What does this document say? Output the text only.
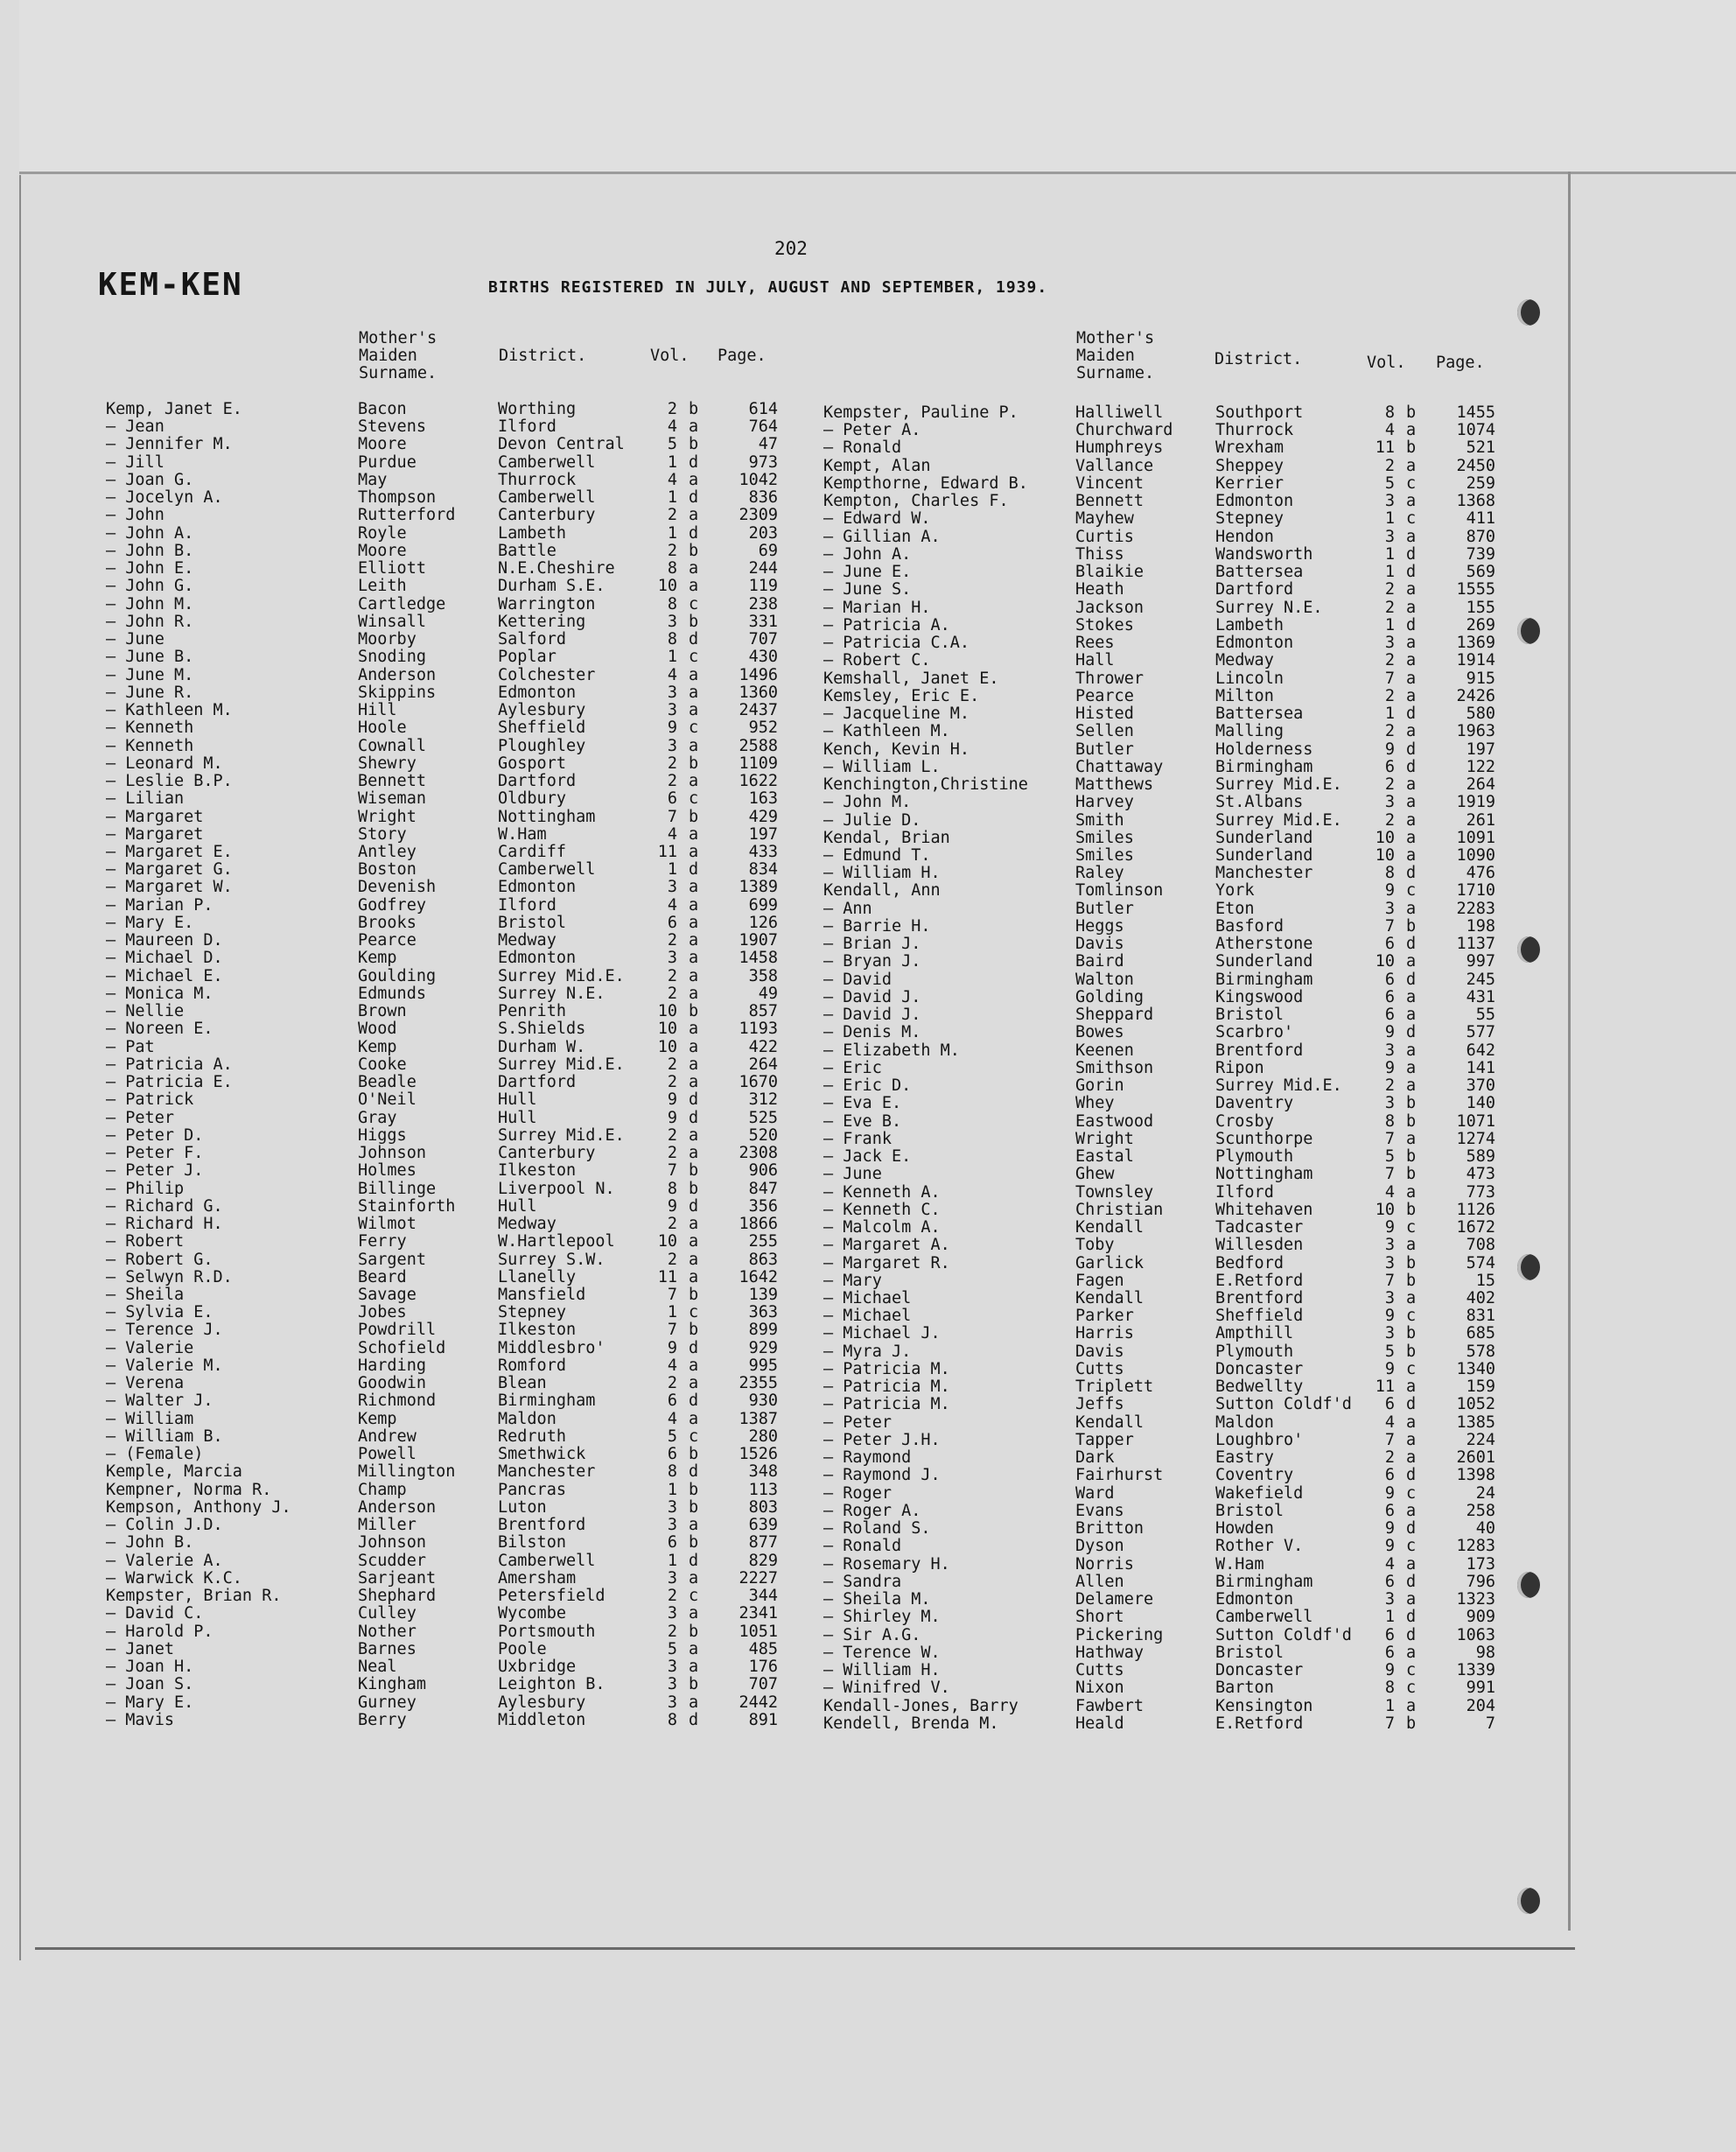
KEM-KEN
202
BIRTHS REGISTERED IN JULY, AUGUST AND SEPTEMBER, 1939.
Mother's
Maiden
Surname.
District.	Vol. Page.
Mother's
Maiden
Surname.
District.	Vol. Page.
Kemp, Janet E.	Bacon	Worthing	2 b	614
— Jean	Stevens	Ilford	4 a	764
— Jennifer M.	Moore	Devon Central	5 b	47
— Jill	Purdue	Camberwell	1 d	973
— Joan G.	May	Thurrock	4 a	1042
— Jocelyn A.	Thompson	Camberwell	1 d	836
— John	Rutterford	Canterbury	2 a	2309
— John A.	Royle	Lambeth	1 d	203
— John B.	Moore	Battle	2 b	69
— John E.	Elliott	N.E.Cheshire	8 a	244
— John G.	Leith	Durham S.E.	10 a	119
— John M.	Cartledge	Warrington	8 c	238
— John R.	Winsall	Kettering	3 b	331
— June	Moorby	Salford	8 d	707
— June B.	Snoding	Poplar	1 c	430
— June M.	Anderson	Colchester	4 a	1496
— June R.	Skippins	Edmonton	3 a	1360
— Kathleen M.	Hill	Aylesbury	3 a	2437
— Kenneth	Hoole	Sheffield	9 c	952
— Kenneth	Cownall	Ploughley	3 a	2588
— Leonard M.	Shewry	Gosport	2 b	1109
— Leslie B.P.	Bennett	Dartford	2 a	1622
— Lilian	Wiseman	Oldbury	6 c	163
— Margaret	Wright	Nottingham	7 b	429
— Margaret	Story	W.Ham	4 a	197
— Margaret E.	Antley	Cardiff	11 a	433
— Margaret G.	Boston	Camberwell	1 d	834
— Margaret W.	Devenish	Edmonton	3 a	1389
— Marian P.	Godfrey	Ilford	4 a	699
— Mary E.	Brooks	Bristol	6 a	126
— Maureen D.	Pearce	Medway	2 a	1907
— Michael D.	Kemp	Edmonton	3 a	1458
— Michael E.	Goulding	Surrey Mid.E.	2 a	358
— Monica M.	Edmunds	Surrey N.E.	2 a	49
— Nellie	Brown	Penrith	10 b	857
— Noreen E.	Wood	S.Shields	10 a	1193
— Pat	Kemp	Durham W.	10 a	422
— Patricia A.	Cooke	Surrey Mid.E.	2 a	264
— Patricia E.	Beadle	Dartford	2 a	1670
— Patrick	O'Neil	Hull	9 d	312
— Peter	Gray	Hull	9 d	525
— Peter D.	Higgs	Surrey Mid.E.	2 a	520
— Peter F.	Johnson	Canterbury	2 a	2308
— Peter J.	Holmes	Ilkeston	7 b	906
— Philip	Billinge	Liverpool N.	8 b	847
— Richard G.	Stainforth	Hull	9 d	356
— Richard H.	Wilmot	Medway	2 a	1866
— Robert	Ferry	W.Hartlepool	10 a	255
— Robert G.	Sargent	Surrey S.W.	2 a	863
— Selwyn R.D.	Beard	Llanelly	11 a	1642
— Sheila	Savage	Mansfield	7 b	139
— Sylvia E.	Jobes	Stepney	1 c	363
— Terence J.	Powdrill	Ilkeston	7 b	899
— Valerie	Schofield	Middlesbro'	9 d	929
— Valerie M.	Harding	Romford	4 a	995
— Verena	Goodwin	Blean	2 a	2355
— Walter J.	Richmond	Birmingham	6 d	930
— William	Kemp	Maldon	4 a	1387
— William B.	Andrew	Redruth	5 c	280
— (Female)	Powell	Smethwick	6 b	1526
Kemple, Marcia	Millington	Manchester	8 d	348
Kempner, Norma R.	Champ	Pancras	1 b	113
Kempson, Anthony J.	Anderson	Luton	3 b	803
— Colin J.D.	Miller	Brentford	3 a	639
— John B.	Johnson	Bilston	6 b	877
— Valerie A.	Scudder	Camberwell	1 d	829
— Warwick K.C.	Sarjeant	Amersham	3 a	2227
Kempster, Brian R.	Shephard	Petersfield	2 c	344
— David C.	Culley	Wycombe	3 a	2341
— Harold P.	Nother	Portsmouth	2 b	1051
— Janet	Barnes	Poole	5 a	485
— Joan H.	Neal	Uxbridge	3 a	176
— Joan S.	Kingham	Leighton B.	3 b	707
— Mary E.	Gurney	Aylesbury	3 a	2442
— Mavis	Berry	Middleton	8 d	891
Kempster, Pauline P.	Halliwell	Southport	8 b	1455
— Peter A.	Churchward	Thurrock	4 a	1074
— Ronald	Humphreys	Wrexham	11 b	521
Kempt, Alan	Vallance	Sheppey	2 a	2450
Kempthorne, Edward B.	Vincent	Kerrier	5 c	259
Kempton, Charles F.	Bennett	Edmonton	3 a	1368
— Edward W.	Mayhew	Stepney	1 c	411
— Gillian A.	Curtis	Hendon	3 a	870
— John A.	Thiss	Wandsworth	1 d	739
— June E.	Blaikie	Battersea	1 d	569
— June S.	Heath	Dartford	2 a	1555
— Marian H.	Jackson	Surrey N.E.	2 a	155
— Patricia A.	Stokes	Lambeth	1 d	269
— Patricia C.A.	Rees	Edmonton	3 a	1369
— Robert C.	Hall	Medway	2 a	1914
Kemshall, Janet E.	Thrower	Lincoln	7 a	915
Kemsley, Eric E.	Pearce	Milton	2 a	2426
— Jacqueline M.	Histed	Battersea	1 d	580
— Kathleen M.	Sellen	Malling	2 a	1963
Kench, Kevin H.	Butler	Holderness	9 d	197
— William L.	Chattaway	Birmingham	6 d	122
Kenchington,Christine	Matthews	Surrey Mid.E.	2 a	264
— John M.	Harvey	St.Albans	3 a	1919
— Julie D.	Smith	Surrey Mid.E.	2 a	261
Kendal, Brian	Smiles	Sunderland	10 a	1091
— Edmund T.	Smiles	Sunderland	10 a	1090
— William H.	Raley	Manchester	8 d	476
Kendall, Ann	Tomlinson	York	9 c	1710
— Ann	Butler	Eton	3 a	2283
— Barrie H.	Heggs	Basford	7 b	198
— Brian J.	Davis	Atherstone	6 d	1137
— Bryan J.	Baird	Sunderland	10 a	997
— David	Walton	Birmingham	6 d	245
— David J.	Golding	Kingswood	6 a	431
— David J.	Sheppard	Bristol	6 a	55
— Denis M.	Bowes	Scarbro'	9 d	577
— Elizabeth M.	Keenen	Brentford	3 a	642
— Eric	Smithson	Ripon	9 a	141
— Eric D.	Gorin	Surrey Mid.E.	2 a	370
— Eva E.	Whey	Daventry	3 b	140
— Eve B.	Eastwood	Crosby	8 b	1071
— Frank	Wright	Scunthorpe	7 a	1274
— Jack E.	Eastal	Plymouth	5 b	589
— June	Ghew	Nottingham	7 b	473
— Kenneth A.	Townsley	Ilford	4 a	773
— Kenneth C.	Christian	Whitehaven	10 b	1126
— Malcolm A.	Kendall	Tadcaster	9 c	1672
— Margaret A.	Toby	Willesden	3 a	708
— Margaret R.	Garlick	Bedford	3 b	574
— Mary	Fagen	E.Retford	7 b	15
— Michael	Kendall	Brentford	3 a	402
— Michael	Parker	Sheffield	9 c	831
— Michael J.	Harris	Ampthill	3 b	685
— Myra J.	Davis	Plymouth	5 b	578
— Patricia M.	Cutts	Doncaster	9 c	1340
— Patricia M.	Triplett	Bedwellty	11 a	159
— Patricia M.	Jeffs	Sutton Coldf'd	6 d	1052
— Peter	Kendall	Maldon	4 a	1385
— Peter J.H.	Tapper	Loughbro'	7 a	224
— Raymond	Dark	Eastry	2 a	2601
— Raymond J.	Fairhurst	Coventry	6 d	1398
— Roger	Ward	Wakefield	9 c	24
— Roger A.	Evans	Bristol	6 a	258
— Roland S.	Britton	Howden	9 d	40
— Ronald	Dyson	Rother V.	9 c	1283
— Rosemary H.	Norris	W.Ham	4 a	173
— Sandra	Allen	Birmingham	6 d	796
— Sheila M.	Delamere	Edmonton	3 a	1323
— Shirley M.	Short	Camberwell	1 d	909
— Sir A.G.	Pickering	Sutton Coldf'd	6 d	1063
— Terence W.	Hathway	Bristol	6 a	98
— William H.	Cutts	Doncaster	9 c	1339
— Winifred V.	Nixon	Barton	8 c	991
Kendall-Jones, Barry	Fawbert	Kensington	1 a	204
Kendell, Brenda M.	Heald	E.Retford	7 b	7
